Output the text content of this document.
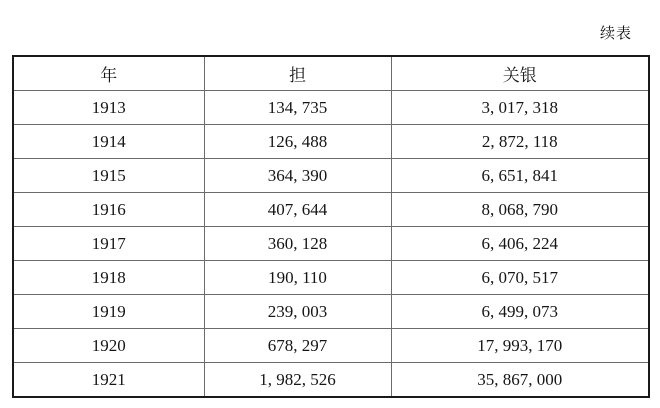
续表
年	担	关银
1913	134, 735	3, 017, 318
1914	126, 488	2, 872, 118
1915	364, 390	6, 651, 841
1916	407, 644	8, 068, 790
1917	360, 128	6, 406, 224
1918	190, 110	6, 070, 517
1919	239, 003	6, 499, 073
1920	678, 297	17, 993, 170
1921	1, 982, 526	35, 867, 000
